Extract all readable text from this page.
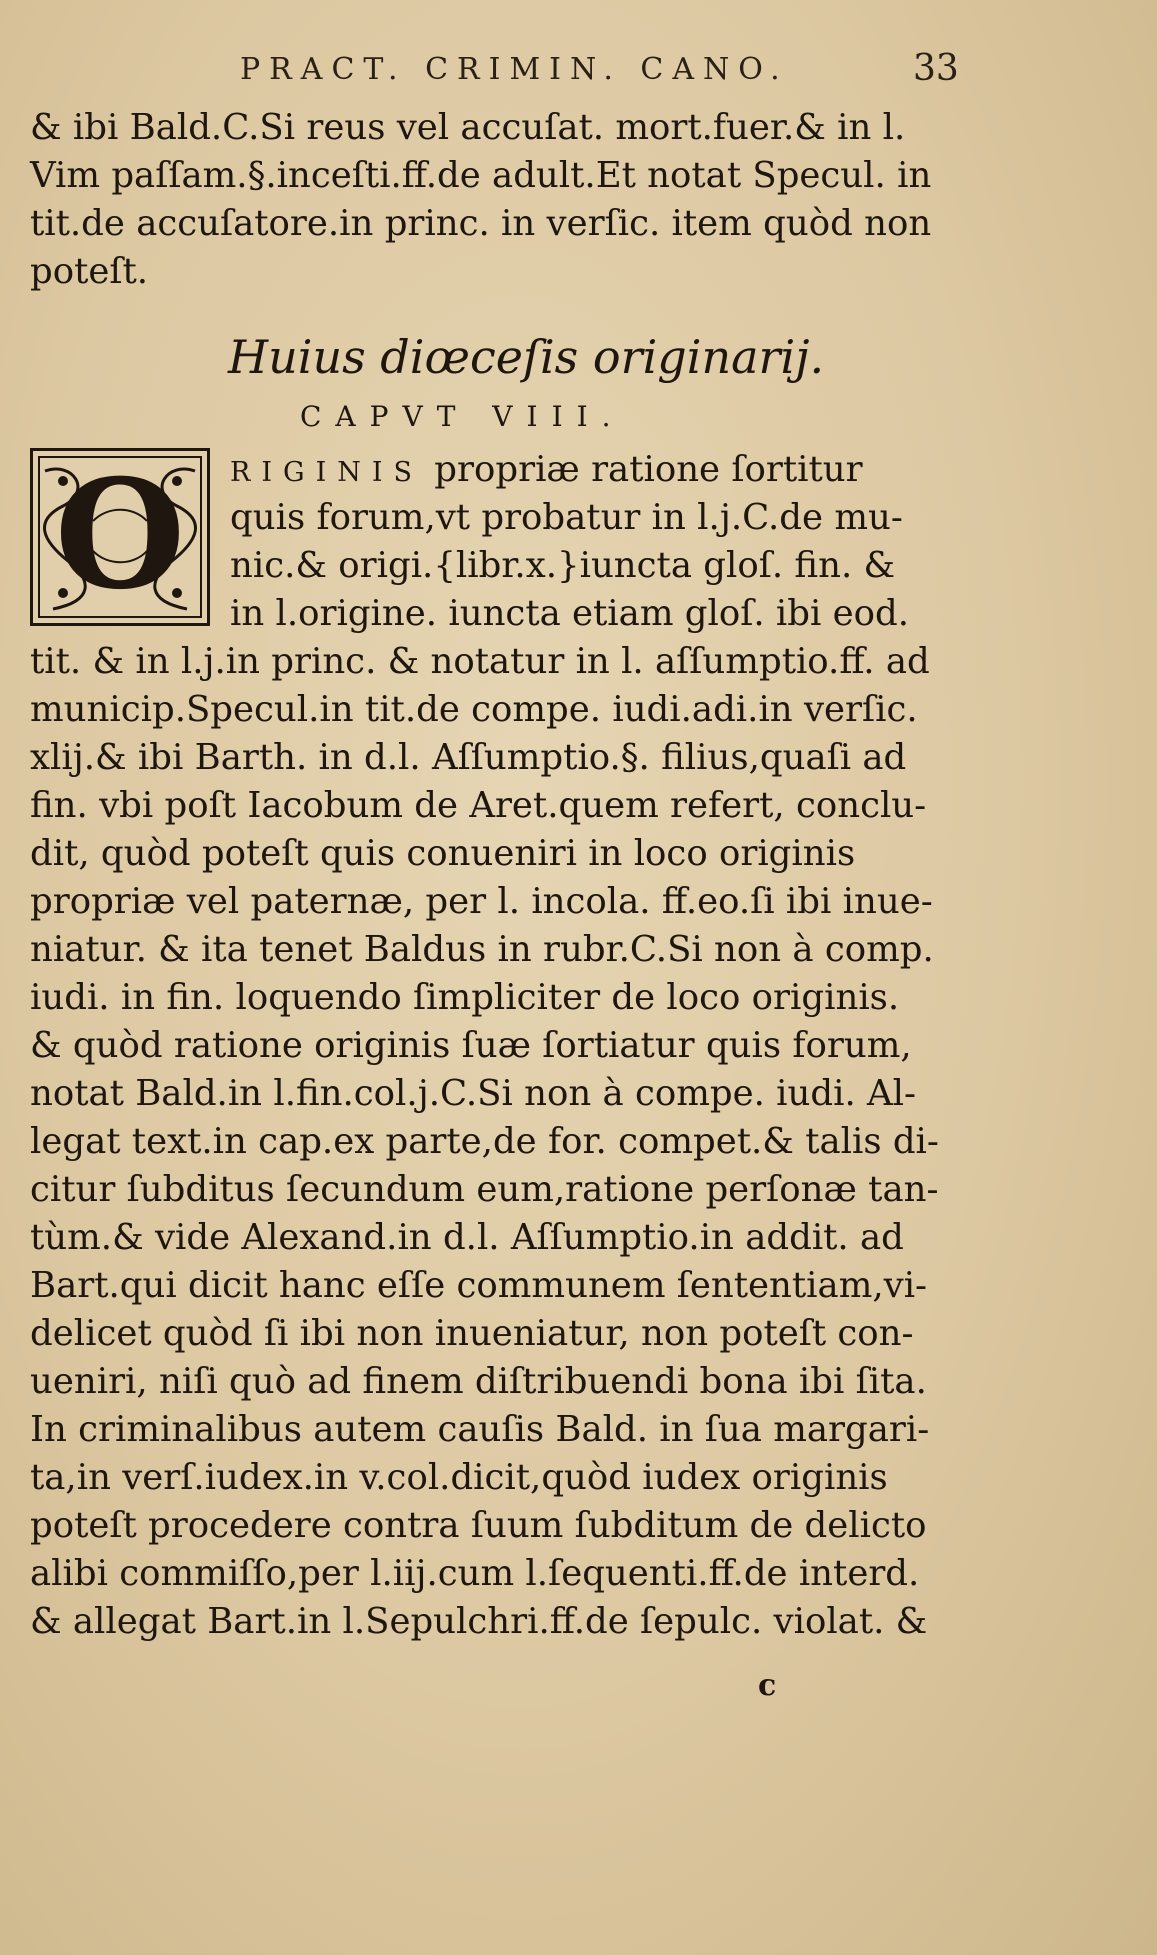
PRACT. CRIMIN. CANO.	33
& ibi Bald.C.Si reus vel accuſat. mort.fuer.& in l.
Vim paſſam.§.inceſti.ff.de adult.Et notat Specul. in
tit.de accuſatore.in princ. in verſic. item quòd non
poteſt.
Huius diœceſis originarij.
CAPVT VIII.
O	RIGINIS propriæ ratione ſortitur
quis forum,vt probatur in l.j.C.de mu-
nic.& origi.{libr.x.}iuncta gloſ. fin. &
in l.origine. iuncta etiam gloſ. ibi eod.
tit. & in l.j.in princ. & notatur in l. aſſumptio.ff. ad
municip.Specul.in tit.de compe. iudi.adi.in verſic.
xlij.& ibi Barth. in d.l. Aſſumptio.§. filius,quaſi ad
fin. vbi poſt Iacobum de Aret.quem refert, conclu-
dit, quòd poteſt quis conueniri in loco originis
propriæ vel paternæ, per l. incola. ff.eo.ſi ibi inue-
niatur. & ita tenet Baldus in rubr.C.Si non à comp.
iudi. in fin. loquendo ſimpliciter de loco originis.
& quòd ratione originis ſuæ ſortiatur quis forum,
notat Bald.in l.fin.col.j.C.Si non à compe. iudi. Al-
legat text.in cap.ex parte,de for. compet.& talis di-
citur ſubditus ſecundum eum,ratione perſonæ tan-
tùm.& vide Alexand.in d.l. Aſſumptio.in addit. ad
Bart.qui dicit hanc eſſe communem ſententiam,vi-
delicet quòd ſi ibi non inueniatur, non poteſt con-
ueniri, niſi quò ad finem diſtribuendi bona ibi ſita.
In criminalibus autem cauſis Bald. in ſua margari-
ta,in verſ.iudex.in v.col.dicit,quòd iudex originis
poteſt procedere contra ſuum ſubditum de delicto
alibi commiſſo,per l.iij.cum l.ſequenti.ff.de interd.
& allegat Bart.in l.Sepulchri.ff.de ſepulc. violat. &
c
